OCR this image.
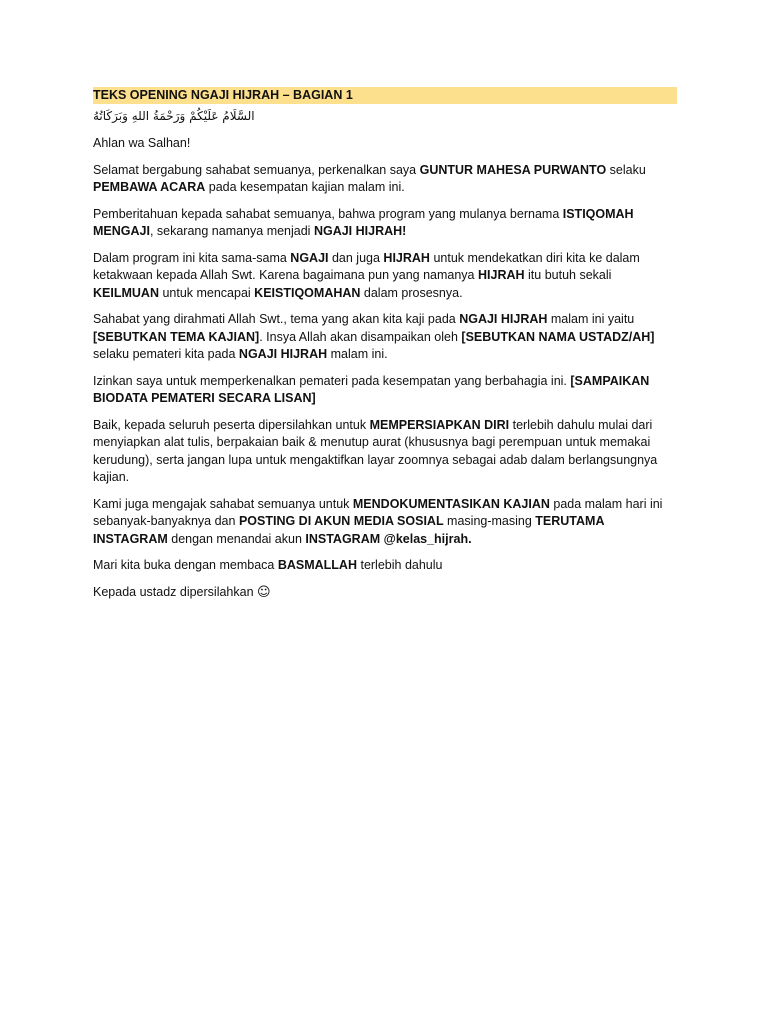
TEKS OPENING NGAJI HIJRAH – BAGIAN 1
السَّلَامُ عَلَيْكُمْ وَرَحْمَةُ اللهِ وَبَرَكَاتُهُ

Ahlan wa Salhan!

Selamat bergabung sahabat semuanya, perkenalkan saya GUNTUR MAHESA PURWANTO selaku PEMBAWA ACARA pada kesempatan kajian malam ini.

Pemberitahuan kepada sahabat semuanya, bahwa program yang mulanya bernama ISTIQOMAH MENGAJI, sekarang namanya menjadi NGAJI HIJRAH!

Dalam program ini kita sama-sama NGAJI dan juga HIJRAH untuk mendekatkan diri kita ke dalam ketakwaan kepada Allah Swt. Karena bagaimana pun yang namanya HIJRAH itu butuh sekali KEILMUAN untuk mencapai KEISTIQOMAHAN dalam prosesnya.

Sahabat yang dirahmati Allah Swt., tema yang akan kita kaji pada NGAJI HIJRAH malam ini yaitu [SEBUTKAN TEMA KAJIAN]. Insya Allah akan disampaikan oleh [SEBUTKAN NAMA USTADZ/AH] selaku pemateri kita pada NGAJI HIJRAH malam ini.

Izinkan saya untuk memperkenalkan pemateri pada kesempatan yang berbahagia ini. [SAMPAIKAN BIODATA PEMATERI SECARA LISAN]

Baik, kepada seluruh peserta dipersilahkan untuk MEMPERSIAPKAN DIRI terlebih dahulu mulai dari menyiapkan alat tulis, berpakaian baik & menutup aurat (khususnya bagi perempuan untuk memakai kerudung), serta jangan lupa untuk mengaktifkan layar zoomnya sebagai adab dalam berlangsungnya kajian.

Kami juga mengajak sahabat semuanya untuk MENDOKUMENTASIKAN KAJIAN pada malam hari ini sebanyak-banyaknya dan POSTING DI AKUN MEDIA SOSIAL masing-masing TERUTAMA INSTAGRAM dengan menandai akun INSTAGRAM @kelas_hijrah.

Mari kita buka dengan membaca BASMALLAH terlebih dahulu

Kepada ustadz dipersilahkan ☺
